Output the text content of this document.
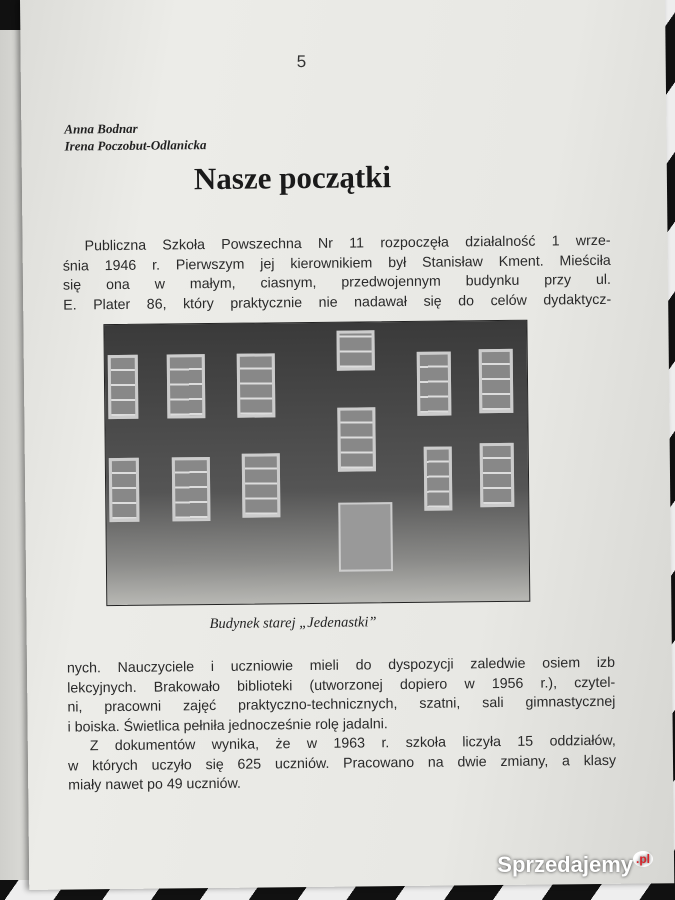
5
Anna Bodnar
Irena Poczobut-Odlanicka
Nasze początki
Publiczna Szkoła Powszechna Nr 11 rozpoczęła działalność 1 wrze-
śnia 1946 r. Pierwszym jej kierownikiem był Stanisław Kment. Mieściła
się ona w małym, ciasnym, przedwojennym budynku przy ul.
E. Plater 86, który praktycznie nie nadawał się do celów dydaktycz-
Budynek starej „Jedenastki”
nych. Nauczyciele i uczniowie mieli do dyspozycji zaledwie osiem izb
lekcyjnych. Brakowało biblioteki (utworzonej dopiero w 1956 r.), czytel-
ni, pracowni zajęć praktyczno-technicznych, szatni, sali gimnastycznej
i boiska. Świetlica pełniła jednocześnie rolę jadalni.
Z dokumentów wynika, że w 1963 r. szkoła liczyła 15 oddziałów,
w których uczyło się 625 uczniów. Pracowano na dwie zmiany, a klasy
miały nawet po 49 uczniów.
Sprzedajemy $^{.pl}$
